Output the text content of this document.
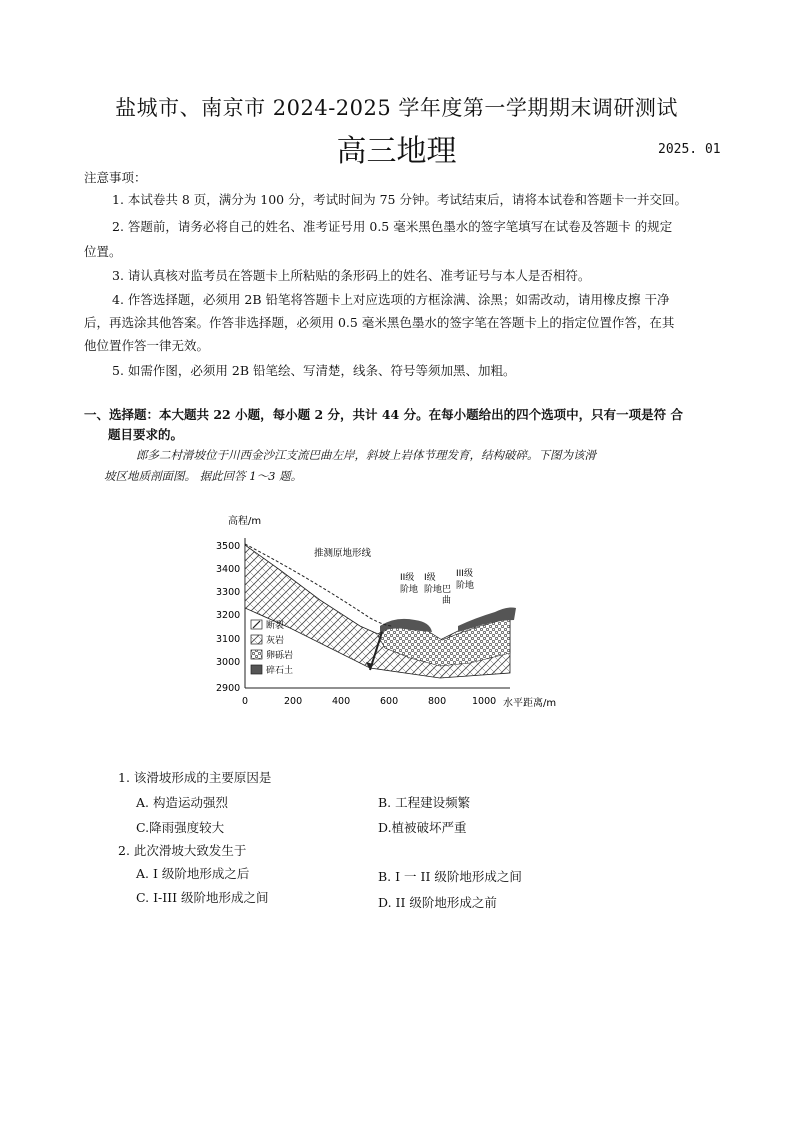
盐城市、南京市 2024-2025 学年度第一学期期末调研测试
高三地理	2025. 01
注意事项：
1. 本试卷共 8 页，满分为 100 分，考试时间为 75 分钟。考试结束后，请将本试卷和答题卡一并交回。
2. 答题前，请务必将自己的姓名、准考证号用 0.5 毫米黑色墨水的签字笔填写在试卷及答题卡 的规定
位置。
3. 请认真核对监考员在答题卡上所粘贴的条形码上的姓名、准考证号与本人是否相符。
4. 作答选择题，必须用 2B 铅笔将答题卡上对应选项的方框涂满、涂黑；如需改动，请用橡皮擦 干净
后，再选涂其他答案。作答非选择题，必须用 0.5 毫米黑色墨水的签字笔在答题卡上的指定位置作答，在其
他位置作答一律无效。
5. 如需作图，必须用 2B 铅笔绘、写清楚，线条、符号等须加黑、加粗。
一、选择题：本大题共 22 小题，每小题 2 分，共计 44 分。在每小题给出的四个选项中，只有一项是符 合
题目要求的。
郎多二村滑坡位于川西金沙江支流巴曲左岸，斜坡上岩体节理发育，结构破碎。下图为该滑
坡区地质剖面图。 据此回答 1～3 题。
高程/m
水平距离/m
3500
3400
3300
3200
3100
3000
2900
0	200	400	600	800	1000
推测原地形线
II级
阶地
I级
阶地 巴
曲
III级
阶地
断裂
灰岩
卵砾岩
碎石土
1. 该滑坡形成的主要原因是
A. 构造运动强烈	B. 工程建设频繁
C.降雨强度较大	D.植被破坏严重
2. 此次滑坡大致发生于
A. I 级阶地形成之后	B. I 一 II 级阶地形成之间
C. I-III 级阶地形成之间	D. II 级阶地形成之前
